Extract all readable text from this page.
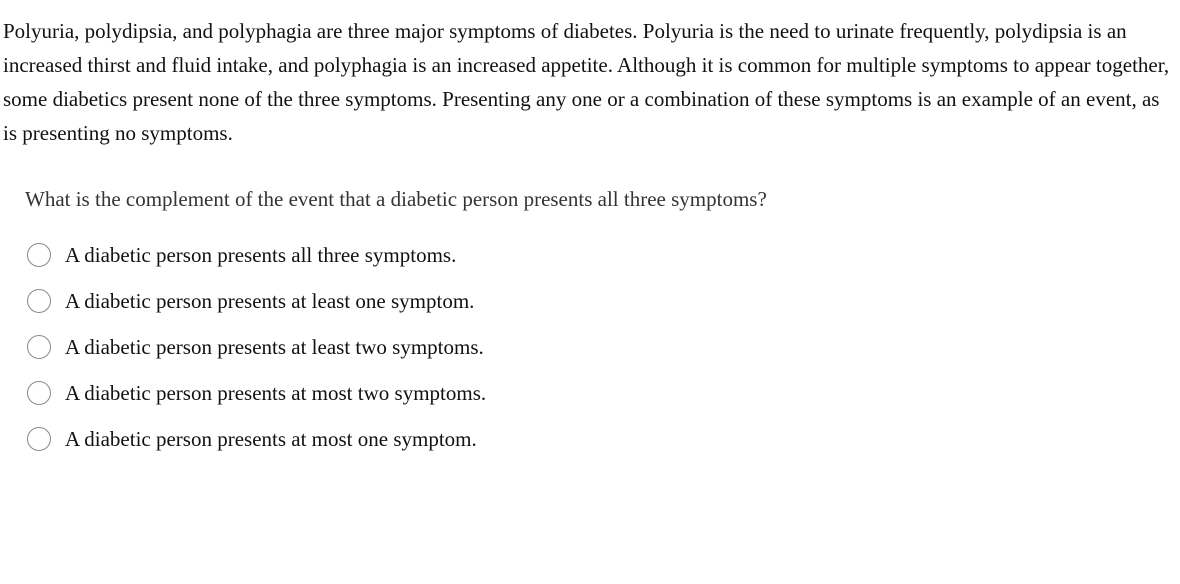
Polyuria, polydipsia, and polyphagia are three major symptoms of diabetes. Polyuria is the need to urinate frequently, polydipsia is an increased thirst and fluid intake, and polyphagia is an increased appetite. Although it is common for multiple symptoms to appear together, some diabetics present none of the three symptoms. Presenting any one or a combination of these symptoms is an example of an event, as is presenting no symptoms.

What is the complement of the event that a diabetic person presents all three symptoms?

A diabetic person presents all three symptoms.
A diabetic person presents at least one symptom.
A diabetic person presents at least two symptoms.
A diabetic person presents at most two symptoms.
A diabetic person presents at most one symptom.
